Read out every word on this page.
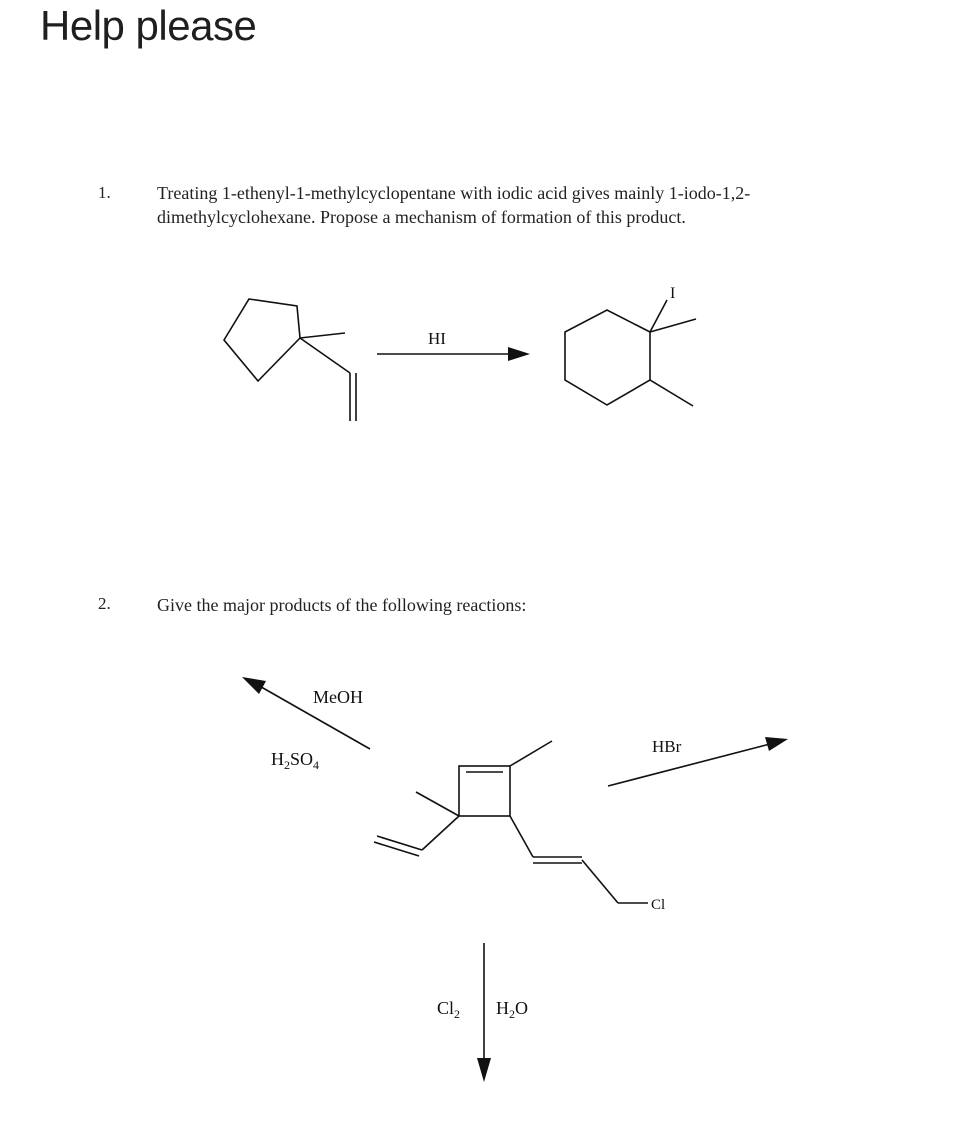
Help please
1.	Treating 1-ethenyl-1-methylcyclopentane with iodic acid gives mainly 1-iodo-1,2-dimethylcyclohexane. Propose a mechanism of formation of this product.
2.	Give the major products of the following reactions:
HI
I
Cl
MeOH
$H_2SO_4$
HBr
$Cl_2$ $H_2O$
